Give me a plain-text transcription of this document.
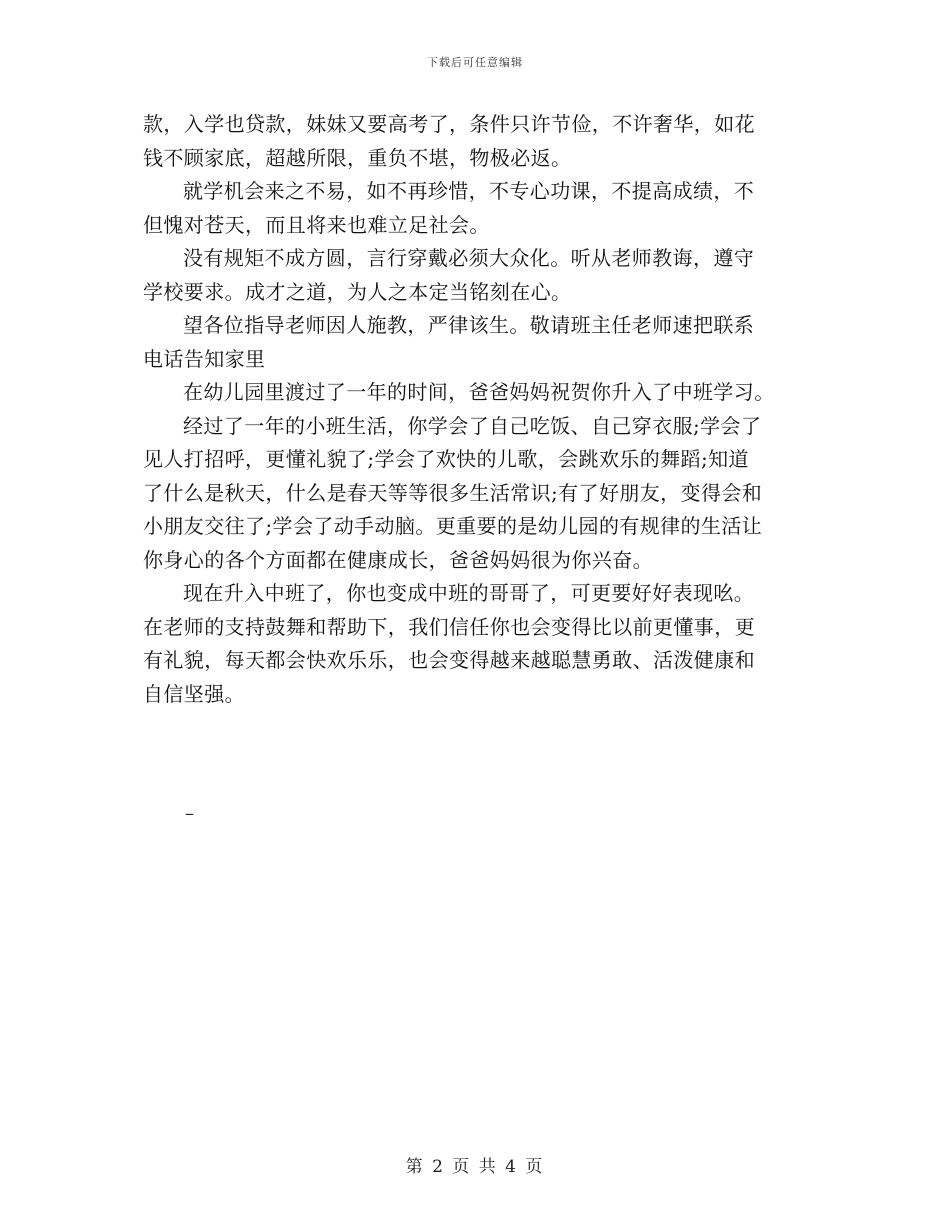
下载后可任意编辑

款，入学也贷款，妹妹又要高考了，条件只许节俭，不许奢华，如花
钱不顾家底，超越所限，重负不堪，物极必返。

就学机会来之不易，如不再珍惜，不专心功课，不提高成绩，不
但愧对苍天，而且将来也难立足社会。

没有规矩不成方圆，言行穿戴必须大众化。听从老师教诲，遵守
学校要求。成才之道，为人之本定当铭刻在心。

望各位指导老师因人施教，严律该生。敬请班主任老师速把联系
电话告知家里

在幼儿园里渡过了一年的时间，爸爸妈妈祝贺你升入了中班学习。

经过了一年的小班生活，你学会了自己吃饭、自己穿衣服;学会了
见人打招呼，更懂礼貌了;学会了欢快的儿歌，会跳欢乐的舞蹈;知道
了什么是秋天，什么是春天等等很多生活常识;有了好朋友，变得会和
小朋友交往了;学会了动手动脑。更重要的是幼儿园的有规律的生活让
你身心的各个方面都在健康成长，爸爸妈妈很为你兴奋。

现在升入中班了，你也变成中班的哥哥了，可更要好好表现吆。
在老师的支持鼓舞和帮助下，我们信任你也会变得比以前更懂事，更
有礼貌，每天都会快欢乐乐，也会变得越来越聪慧勇敢、活泼健康和
自信坚强。

–
第 2 页 共 4 页
